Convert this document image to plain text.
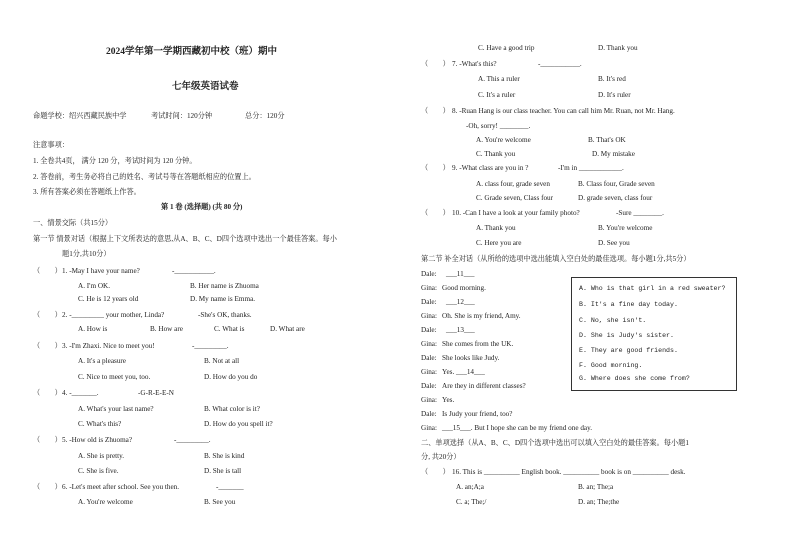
2024学年第一学期西藏初中校（班）期中
七年级英语试卷
命题学校：绍兴西藏民族中学	考试时间：120分钟	总分：120分
注意事项：
1. 全卷共4页， 满分 120 分，考试时间为 120 分钟。
2. 答卷前，考生务必将自己的姓名、考试号等在答题纸相应的位置上。
3. 所有答案必须在答题纸上作答。
第 1 卷 (选择题) (共 80 分)
一、情景交际（共15分）
第一节 情景对话（根据上下文所表达的意思,从A、B、C、D四个选项中选出一个最佳答案。每小
题1分,共10分）
（　　） 1. -May I have your name?	-___________.
A. I'm OK.	B. Her name is Zhuoma
C. He is 12 years old	D. My name is Emma.
（　　） 2. -_________ your mother, Linda?	-She's OK, thanks.
A. How is	B. How are	C. What is	D. What are
（　　） 3. -I'm Zhaxi. Nice to meet you!	-_________.
A. It's a pleasure	B. Not at all
C. Nice to meet you, too.	D. How do you do
（　　） 4. -_______.	-G-R-E-E-N
A. What's your last name?	B. What color is it?
C. What's this?	D. How do you spell it?
（　　） 5. -How old is Zhuoma?	-_________.
A. She is pretty.	B. She is kind
C. She is five.	D. She is tall
（　　） 6. -Let's meet after school. See you then.	-_______
A. You're welcome	B. See you
C. Have a good trip	D. Thank you
（　　） 7. -What's this?	-___________.
A. This a ruler	B. It's red
C. It's a ruler	D. It's ruler
（　　） 8. -Ruan Hang is our class teacher. You can call him Mr. Ruan, not Mr. Hang.
-Oh, sorry! ________.
A. You're welcome	B. That's OK
C. Thank you	D. My mistake
（　　） 9. -What class are you in ?	-I'm in ____________.
A. class four, grade seven	B. Class four, Grade seven
C. Grade seven, Class four	D. grade seven, class four
（　　） 10. -Can I have a look at your family photo?	-Sure ________.
A. Thank you	B. You're welcome
C. Here you are	D. See you
第二节 补全对话（从所给的选项中选出能填入空白处的最佳选项。每小题1分,共5分）
Dale: ___11___
Gina: Good morning.
Dale: ___12___
Gina: Oh. She is my friend, Amy.
Dale: ___13___
Gina: She comes from the UK.
Dale: She looks like Judy.
Gina: Yes. ___14___
Dale: Are they in different classes?
Gina: Yes.
Dale: Is Judy your friend, too?
Gina: ___15___. But I hope she can be my friend one day.
A. Who is that girl in a red sweater?
B. It's a fine day today.
C. No, she isn't.
D. She is Judy's sister.
E. They are good friends.
F. Good morning.
G. Where does she come from?
二、单项选择（从A、B、C、D四个选项中选出可以填入空白处的最佳答案。每小题1
分, 共20分）
（　　） 16. This is __________ English book. __________ book is on __________ desk.
A. an;A;a	B. an; The;a
C. a; The;/	D. an; The;the
